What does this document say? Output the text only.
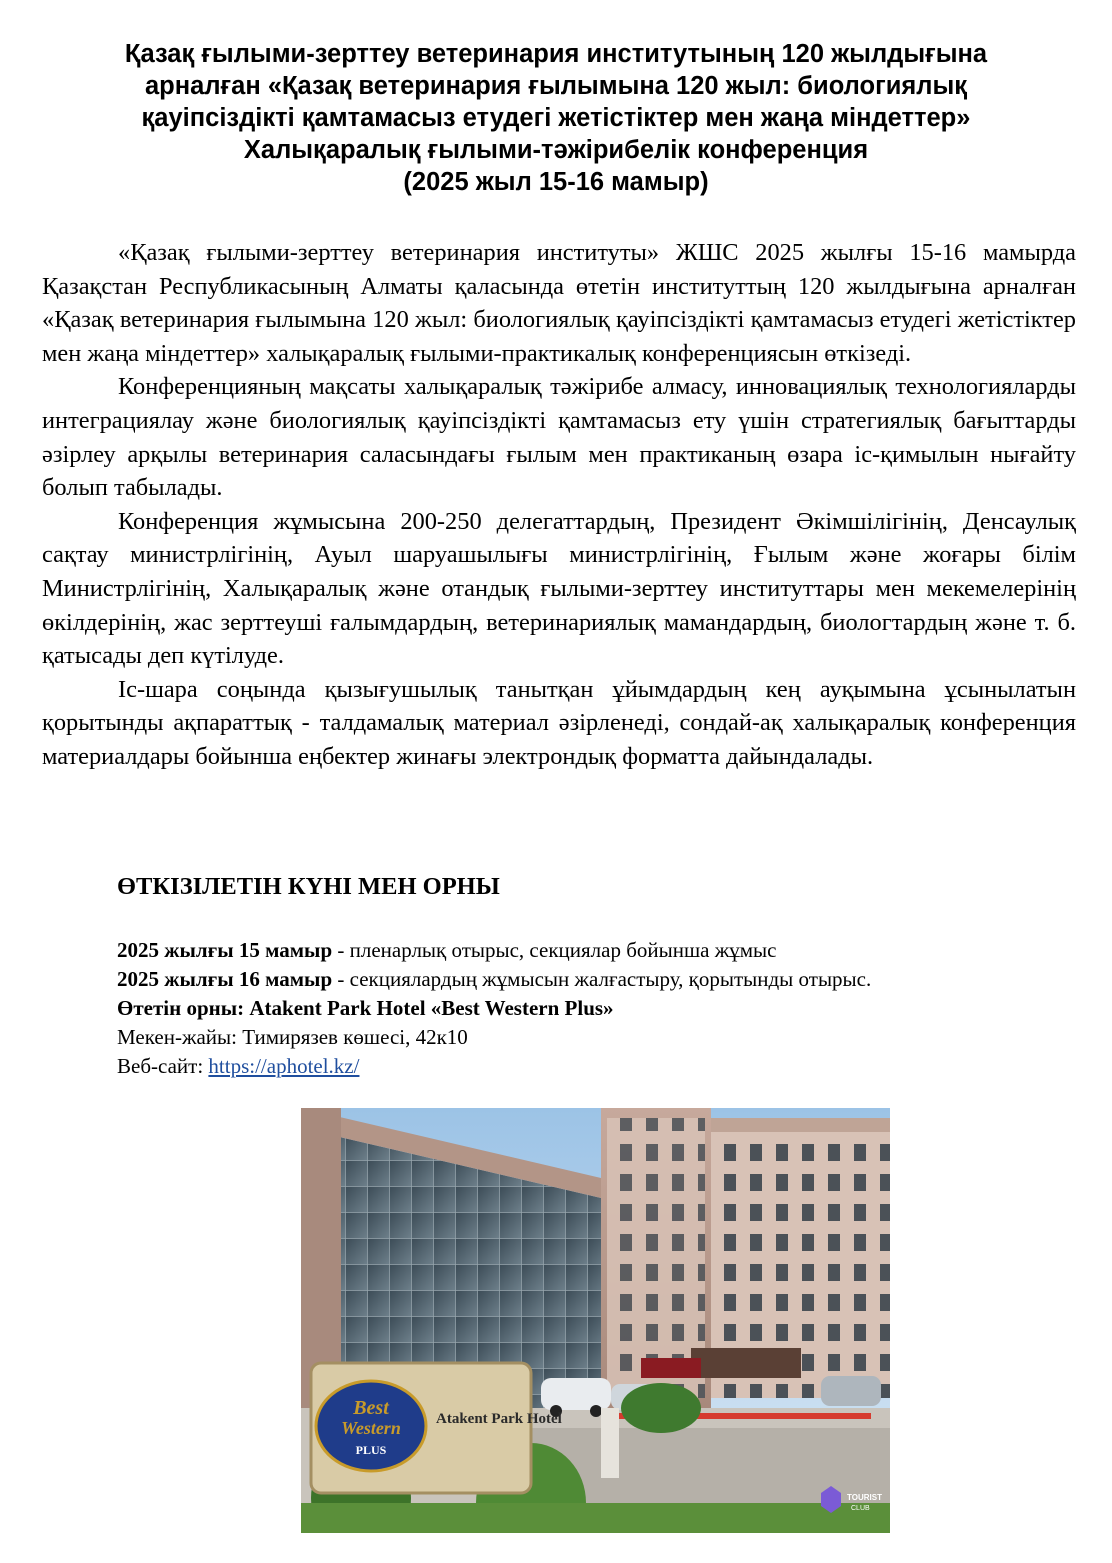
Қазақ ғылыми-зерттеу ветеринария институтының 120 жылдығына
арналған «Қазақ ветеринария ғылымына 120 жыл: биологиялық
қауіпсіздікті қамтамасыз етудегі жетістіктер мен жаңа міндеттер»
Халықаралық ғылыми-тәжірибелік конференция
(2025 жыл 15-16 мамыр)

«Қазақ ғылыми-зерттеу ветеринария институты» ЖШС 2025 жылғы 15-16 мамырда Қазақстан Республикасының Алматы қаласында өтетін институттың 120 жылдығына арналған «Қазақ ветеринария ғылымына 120 жыл: биологиялық қауіпсіздікті қамтамасыз етудегі жетістіктер мен жаңа міндеттер» халықаралық ғылыми-практикалық конференциясын өткізеді.

Конференцияның мақсаты халықаралық тәжірибе алмасу, инновациялық технологияларды интеграциялау және биологиялық қауіпсіздікті қамтамасыз ету үшін стратегиялық бағыттарды әзірлеу арқылы ветеринария саласындағы ғылым мен практиканың өзара іс-қимылын нығайту болып табылады.

Конференция жұмысына 200-250 делегаттардың, Президент Әкімшілігінің, Денсаулық сақтау министрлігінің, Ауыл шаруашылығы министрлігінің, Ғылым және жоғары білім Министрлігінің, Халықаралық және отандық ғылыми-зерттеу институттары мен мекемелерінің өкілдерінің, жас зерттеуші ғалымдардың, ветеринариялық мамандардың, биологтардың және т. б. қатысады деп күтілуде.

Іс-шара соңында қызығушылық танытқан ұйымдардың кең ауқымына ұсынылатын қорытынды ақпараттық - талдамалық материал әзірленеді, сондай-ақ халықаралық конференция материалдары бойынша еңбектер жинағы электрондық форматта дайындалады.

ӨТКІЗІЛЕТІН КҮНІ МЕН ОРНЫ
2025 жылғы 15 мамыр - пленарлық отырыс, секциялар бойынша жұмыс
2025 жылғы 16 мамыр - секциялардың жұмысын жалғастыру, қорытынды отырыс.
Өтетін орны: Atakent Park Hotel «Best Western Plus»
Мекен-жайы: Тимирязев көшесі, 42к10
Веб-сайт: https://aphotel.kz/
Best
Western
PLUS
Atakent Park Hotel
TOURIST
CLUB
